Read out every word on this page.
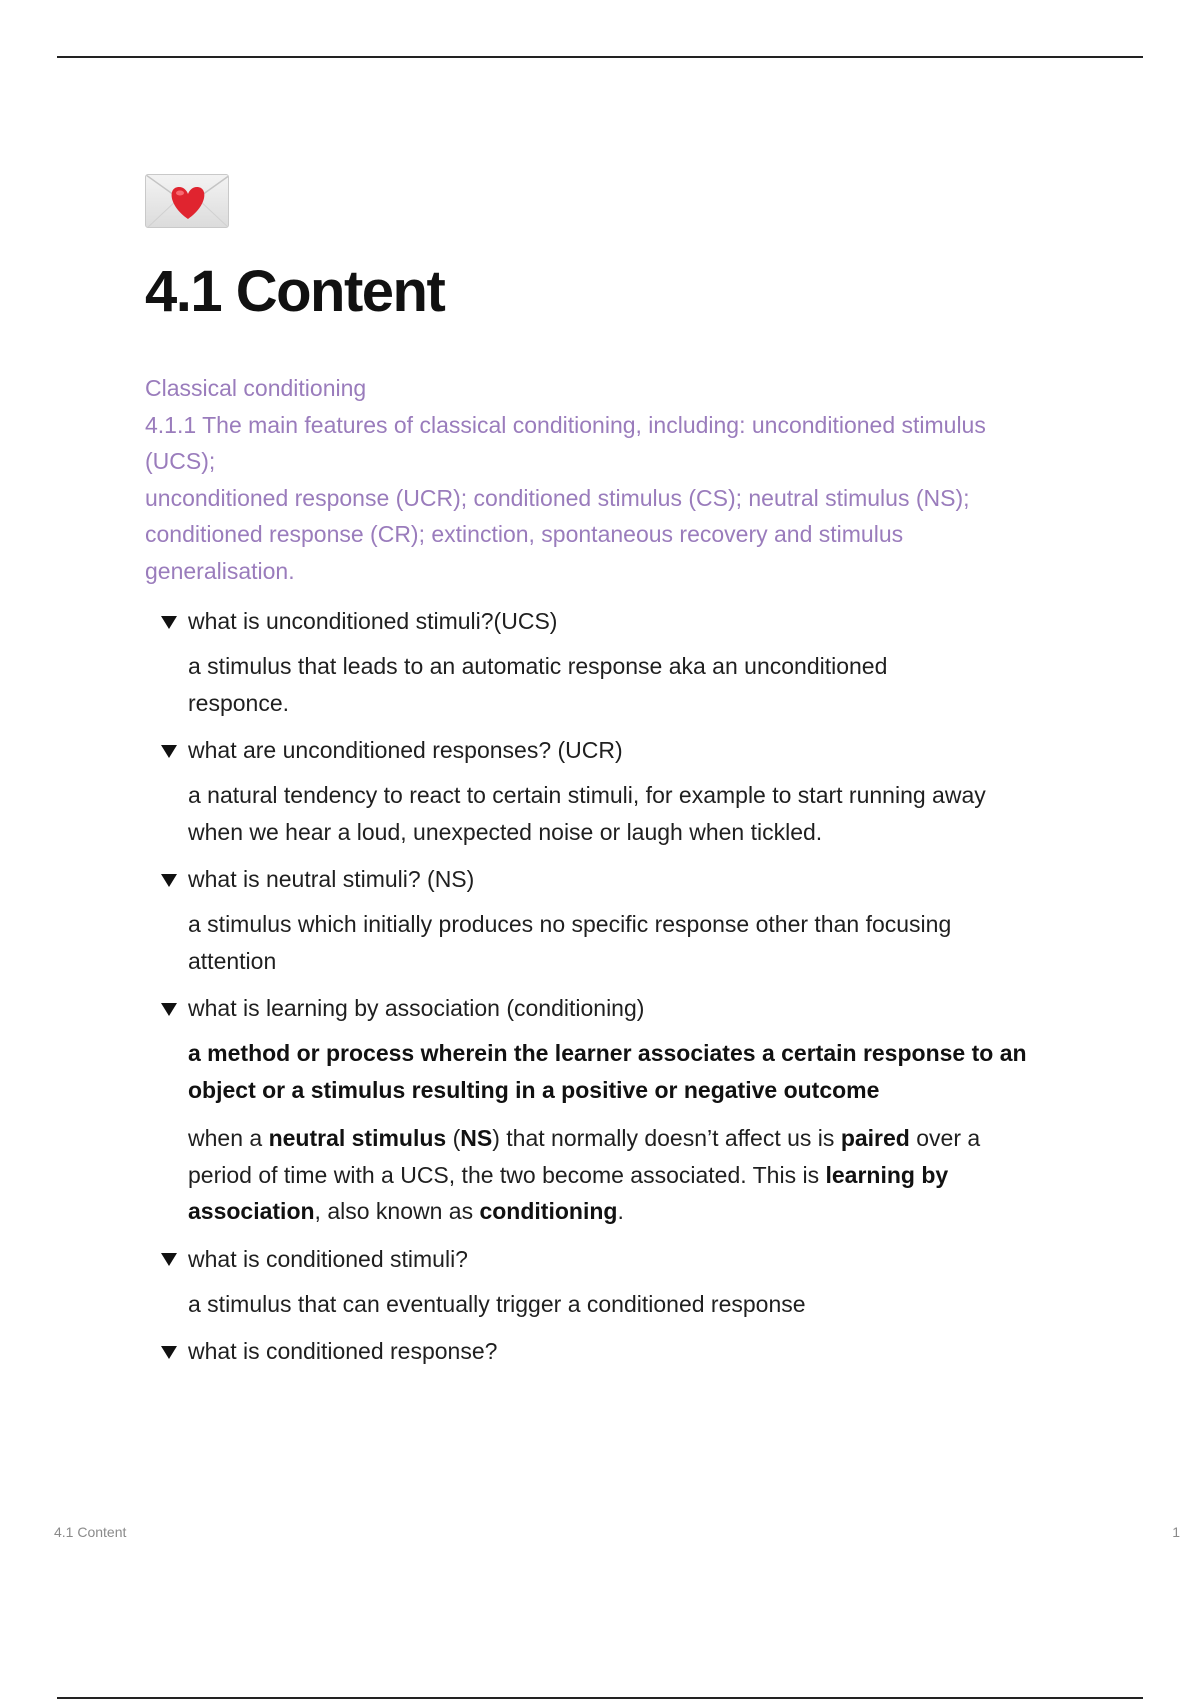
4.1 Content
Classical conditioning
4.1.1 The main features of classical conditioning, including: unconditioned stimulus
(UCS);
unconditioned response (UCR); conditioned stimulus (CS); neutral stimulus (NS);
conditioned response (CR); extinction, spontaneous recovery and stimulus
generalisation.
what is unconditioned stimuli?(UCS)

a stimulus that leads to an automatic response aka an unconditioned
responce.

what are unconditioned responses? (UCR)

a natural tendency to react to certain stimuli, for example to start running away
when we hear a loud, unexpected noise or laugh when tickled.

what is neutral stimuli? (NS)

a stimulus which initially produces no specific response other than focusing
attention

what is learning by association (conditioning)

a method or process wherein the learner associates a certain response to an
object or a stimulus resulting in a positive or negative outcome

when a neutral stimulus (NS) that normally doesn’t affect us is paired over a
period of time with a UCS, the two become associated. This is learning by
association, also known as conditioning.

what is conditioned stimuli?

a stimulus that can eventually trigger a conditioned response

what is conditioned response?
4.1 Content	1
